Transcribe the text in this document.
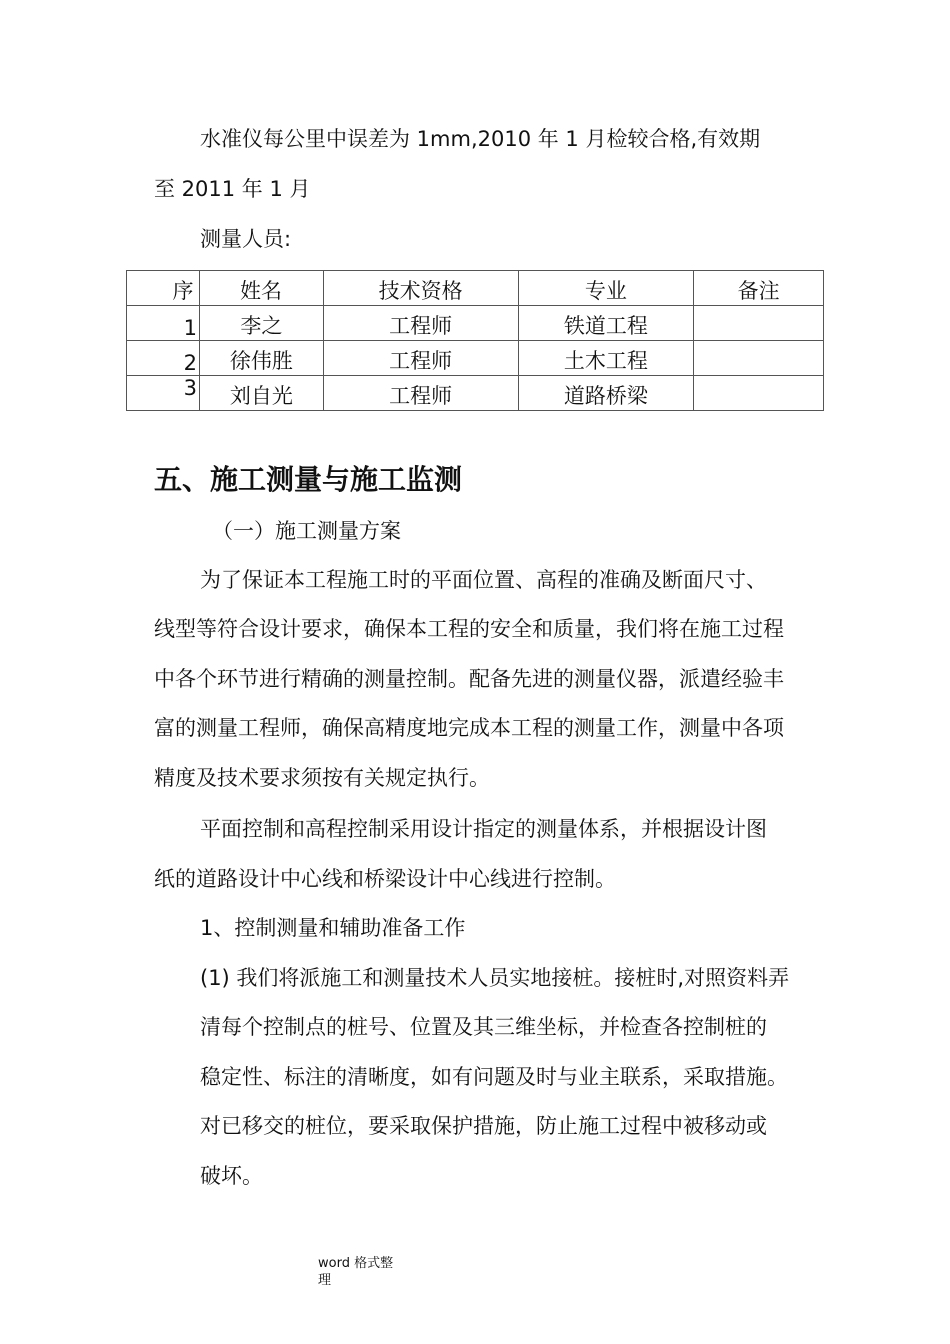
水准仪每公里中误差为 1mm,2010 年 1 月检较合格,有效期
至 2011 年 1 月
测量人员:
序	姓名	技术资格	专业	备注
1	李之	工程师	铁道工程	
2	徐伟胜	工程师	土木工程	
3	刘自光	工程师	道路桥梁	
五、施工测量与施工监测
（一）施工测量方案
为了保证本工程施工时的平面位置、高程的准确及断面尺寸、
线型等符合设计要求，确保本工程的安全和质量，我们将在施工过程
中各个环节进行精确的测量控制。配备先进的测量仪器，派遣经验丰
富的测量工程师，确保高精度地完成本工程的测量工作，测量中各项
精度及技术要求须按有关规定执行。
平面控制和高程控制采用设计指定的测量体系，并根据设计图
纸的道路设计中心线和桥梁设计中心线进行控制。
1、控制测量和辅助准备工作
(1) 我们将派施工和测量技术人员实地接桩。接桩时,对照资料弄
清每个控制点的桩号、位置及其三维坐标，并检查各控制桩的
稳定性、标注的清晰度，如有问题及时与业主联系，采取措施。
对已移交的桩位，要采取保护措施，防止施工过程中被移动或
破坏。
word 格式整
理
